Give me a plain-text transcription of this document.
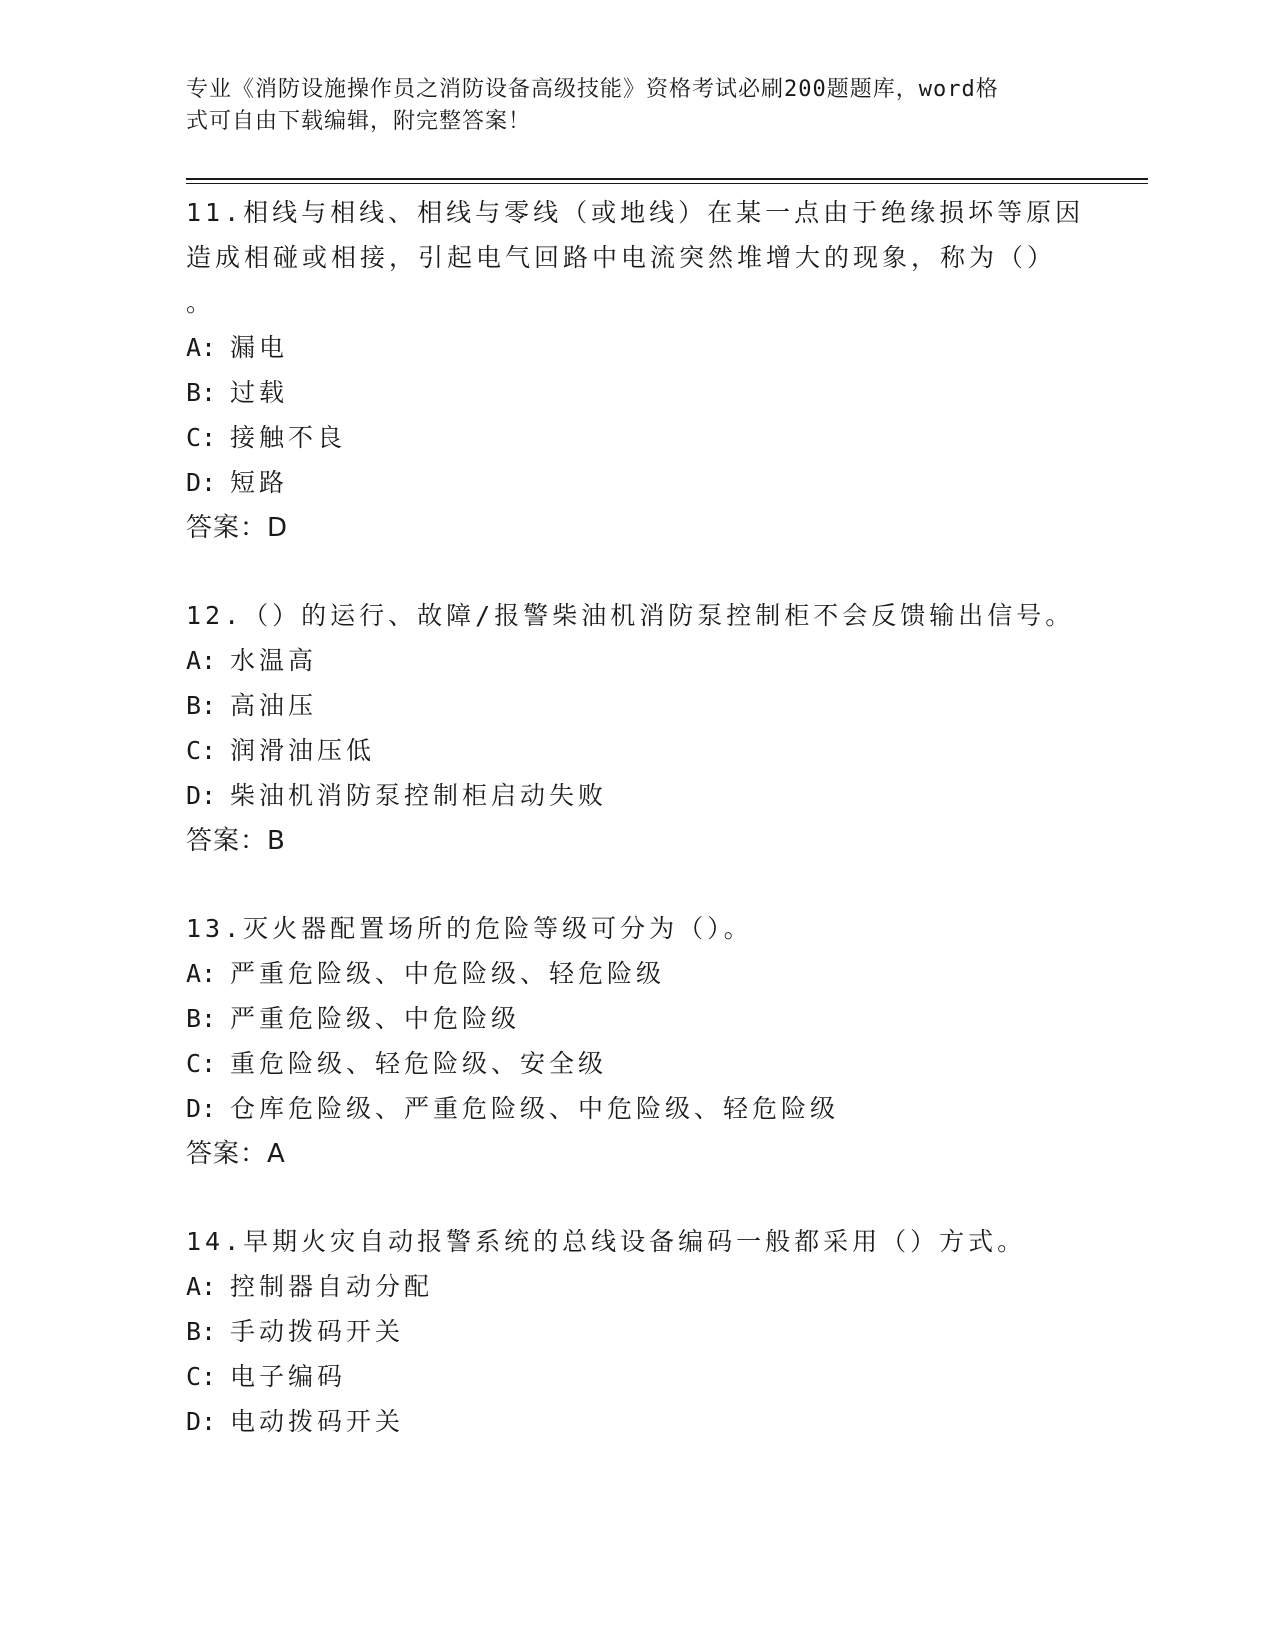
专业《消防设施操作员之消防设备高级技能》资格考试必刷200题题库，word格
式可自由下载编辑，附完整答案！
11.相线与相线、相线与零线（或地线）在某一点由于绝缘损坏等原因
造成相碰或相接，引起电气回路中电流突然堆增大的现象，称为（）
。
A: 漏电
B: 过载
C: 接触不良
D: 短路
答案：D
12.（）的运行、故障/报警柴油机消防泵控制柜不会反馈输出信号。
A: 水温高
B: 高油压
C: 润滑油压低
D: 柴油机消防泵控制柜启动失败
答案：B
13.灭火器配置场所的危险等级可分为（）。
A: 严重危险级、中危险级、轻危险级
B: 严重危险级、中危险级
C: 重危险级、轻危险级、安全级
D: 仓库危险级、严重危险级、中危险级、轻危险级
答案：A
14.早期火灾自动报警系统的总线设备编码一般都采用（）方式。
A: 控制器自动分配
B: 手动拨码开关
C: 电子编码
D: 电动拨码开关
